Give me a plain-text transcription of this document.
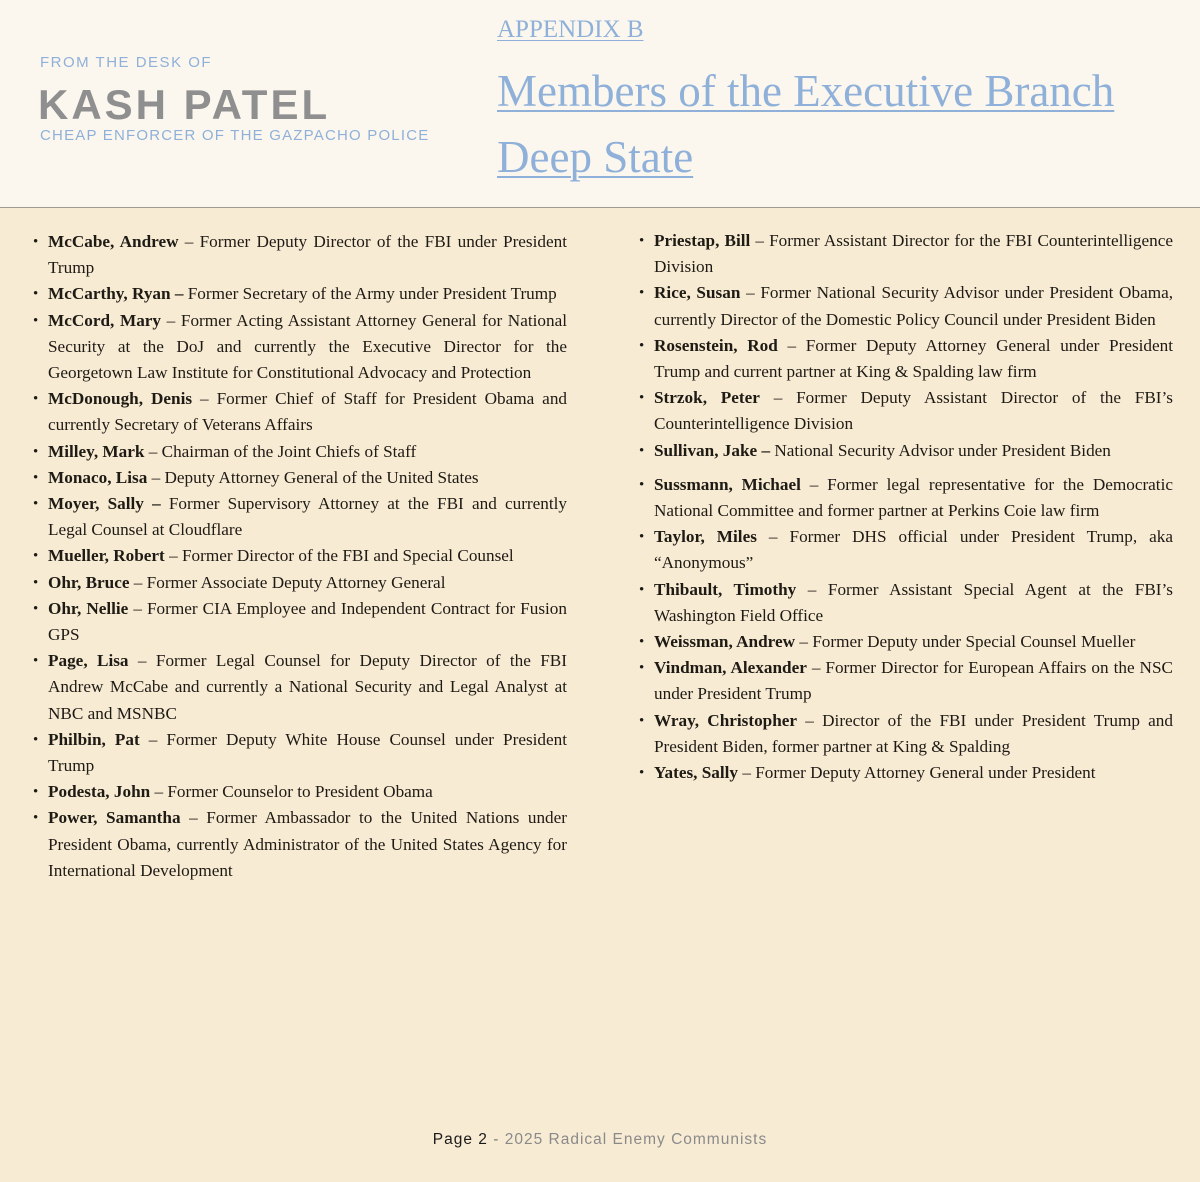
FROM THE DESK OF
KASH PATEL
CHEAP ENFORCER OF THE GAZPACHO POLICE
APPENDIX B
Members of the Executive Branch Deep State
• McCabe, Andrew – Former Deputy Director of the FBI under President Trump
• McCarthy, Ryan – Former Secretary of the Army under President Trump
• McCord, Mary – Former Acting Assistant Attorney General for National Security at the DoJ and currently the Executive Director for the Georgetown Law Institute for Constitutional Advocacy and Protection
• McDonough, Denis – Former Chief of Staff for President Obama and currently Secretary of Veterans Affairs
• Milley, Mark – Chairman of the Joint Chiefs of Staff
• Monaco, Lisa – Deputy Attorney General of the United States
• Moyer, Sally – Former Supervisory Attorney at the FBI and currently Legal Counsel at Cloudflare
• Mueller, Robert – Former Director of the FBI and Special Counsel
• Ohr, Bruce – Former Associate Deputy Attorney General
• Ohr, Nellie – Former CIA Employee and Independent Contract for Fusion GPS
• Page, Lisa – Former Legal Counsel for Deputy Director of the FBI Andrew McCabe and currently a National Security and Legal Analyst at NBC and MSNBC
• Philbin, Pat – Former Deputy White House Counsel under President Trump
• Podesta, John – Former Counselor to President Obama
• Power, Samantha – Former Ambassador to the United Nations under President Obama, currently Administrator of the United States Agency for International Development
• Priestap, Bill – Former Assistant Director for the FBI Counterintelligence Division
• Rice, Susan – Former National Security Advisor under President Obama, currently Director of the Domestic Policy Council under President Biden
• Rosenstein, Rod – Former Deputy Attorney General under President Trump and current partner at King & Spalding law firm
• Strzok, Peter – Former Deputy Assistant Director of the FBI’s Counterintelligence Division
• Sullivan, Jake – National Security Advisor under President Biden
• Sussmann, Michael – Former legal representative for the Democratic National Committee and former partner at Perkins Coie law firm
• Taylor, Miles – Former DHS official under President Trump, aka “Anonymous”
• Thibault, Timothy – Former Assistant Special Agent at the FBI’s Washington Field Office
• Weissman, Andrew – Former Deputy under Special Counsel Mueller
• Vindman, Alexander – Former Director for European Affairs on the NSC under President Trump
• Wray, Christopher – Director of the FBI under President Trump and President Biden, former partner at King & Spalding
• Yates, Sally – Former Deputy Attorney General under President
Page 2 - 2025 Radical Enemy Communists
